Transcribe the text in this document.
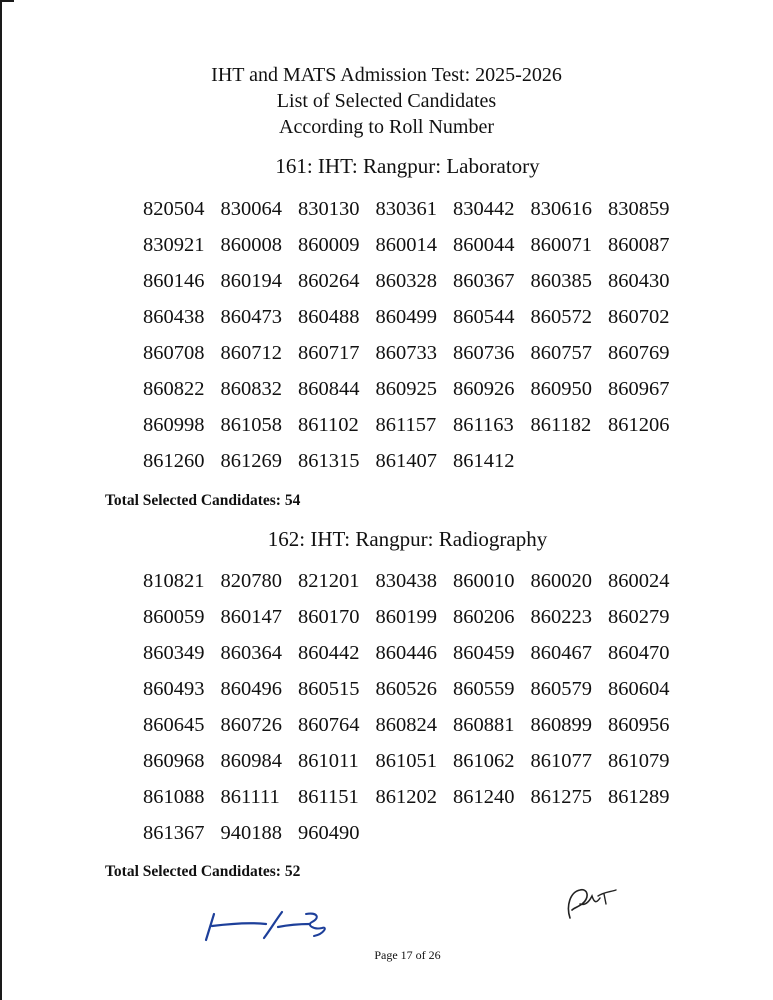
IHT and MATS Admission Test: 2025-2026
List of Selected Candidates
According to Roll Number
161: IHT: Rangpur: Laboratory
820504 830064 830130 830361 830442 830616 830859
830921 860008 860009 860014 860044 860071 860087
860146 860194 860264 860328 860367 860385 860430
860438 860473 860488 860499 860544 860572 860702
860708 860712 860717 860733 860736 860757 860769
860822 860832 860844 860925 860926 860950 860967
860998 861058 861102 861157 861163 861182 861206
861260 861269 861315 861407 861412
Total Selected Candidates: 54
162: IHT: Rangpur: Radiography
810821 820780 821201 830438 860010 860020 860024
860059 860147 860170 860199 860206 860223 860279
860349 860364 860442 860446 860459 860467 860470
860493 860496 860515 860526 860559 860579 860604
860645 860726 860764 860824 860881 860899 860956
860968 860984 861011 861051 861062 861077 861079
861088 861111 861151 861202 861240 861275 861289
861367 940188 960490
Total Selected Candidates: 52
Page 17 of 26
